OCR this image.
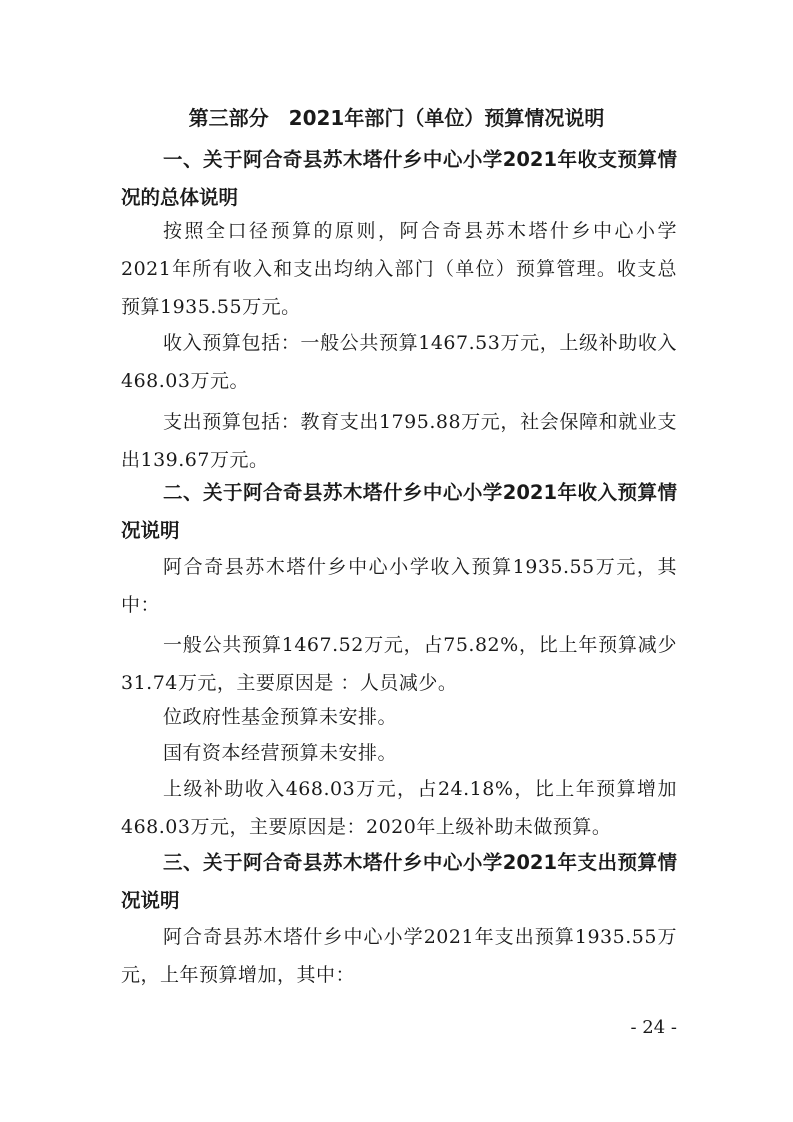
第三部分　2021年部门（单位）预算情况说明

一、关于阿合奇县苏木塔什乡中心小学2021年收支预算情况的总体说明

按照全口径预算的原则，阿合奇县苏木塔什乡中心小学2021年所有收入和支出均纳入部门（单位）预算管理。收支总预算1935.55万元。

收入预算包括：一般公共预算1467.53万元，上级补助收入468.03万元。

支出预算包括：教育支出1795.88万元，社会保障和就业支出139.67万元。

二、关于阿合奇县苏木塔什乡中心小学2021年收入预算情况说明

阿合奇县苏木塔什乡中心小学收入预算1935.55万元，其中：

一般公共预算1467.52万元，占75.82%，比上年预算减少31.74万元，主要原因是 ：人员减少。

位政府性基金预算未安排。

国有资本经营预算未安排。

上级补助收入468.03万元，占24.18%，比上年预算增加468.03万元，主要原因是：2020年上级补助未做预算。

三、关于阿合奇县苏木塔什乡中心小学2021年支出预算情况说明

阿合奇县苏木塔什乡中心小学2021年支出预算1935.55万元，上年预算增加，其中：

- 24 -
